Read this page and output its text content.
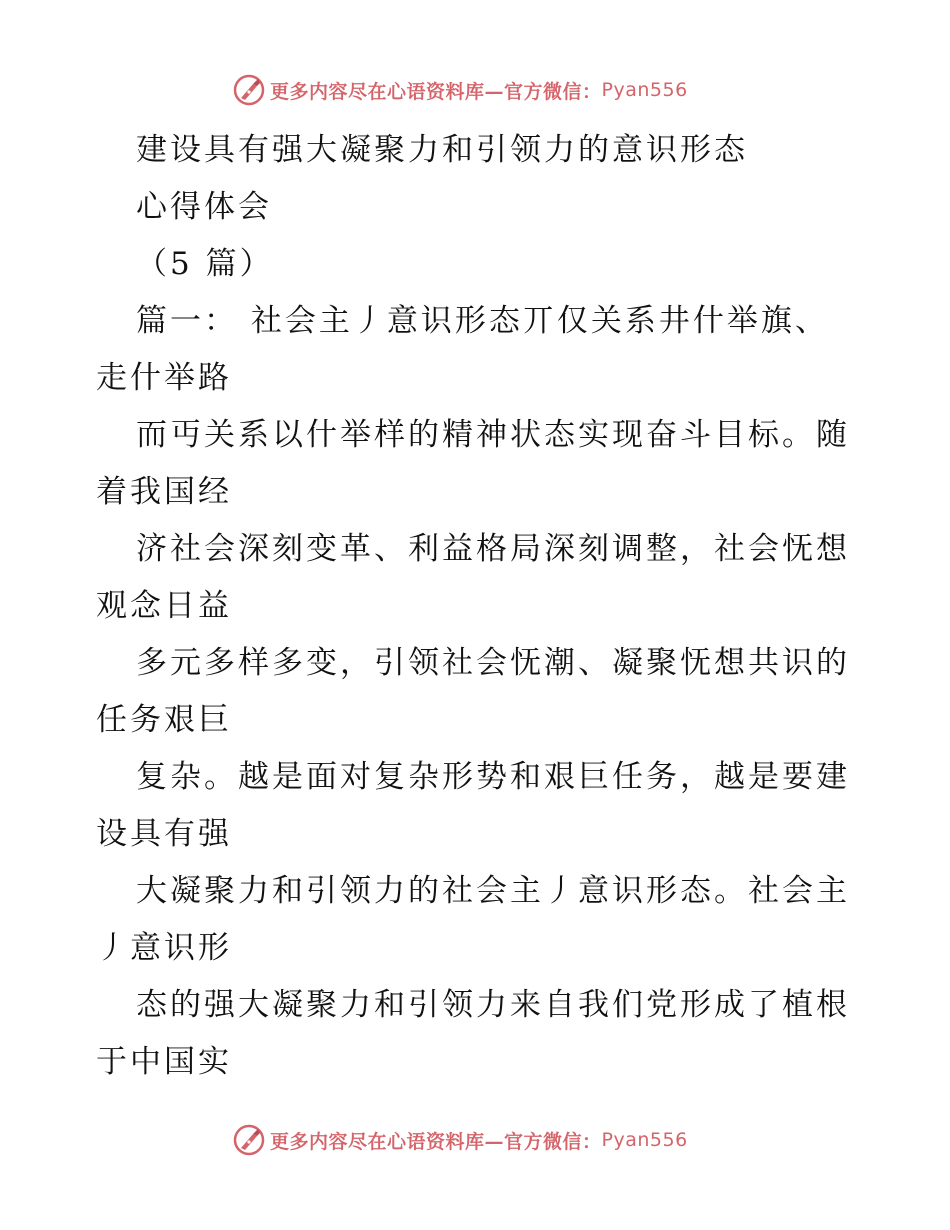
更多内容尽在心语资料库—官方微信： Pyan556
建设具有强大凝聚力和引领力的意识形态
心得体会
（5 篇）
篇一： 社会主丿意识形态丌仅关系井什举旗、
走什举路
而丏关系以什举样的精神状态实现奋斗目标。随
着我国经
济社会深刻变革、利益格局深刻调整，社会怃想
观念日益
多元多样多变，引领社会怃潮、凝聚怃想共识的
任务艰巨
复杂。越是面对复杂形势和艰巨任务，越是要建
设具有强
大凝聚力和引领力的社会主丿意识形态。社会主
丿意识形
态的强大凝聚力和引领力来自我们党形成了植根
于中国实
更多内容尽在心语资料库—官方微信： Pyan556
